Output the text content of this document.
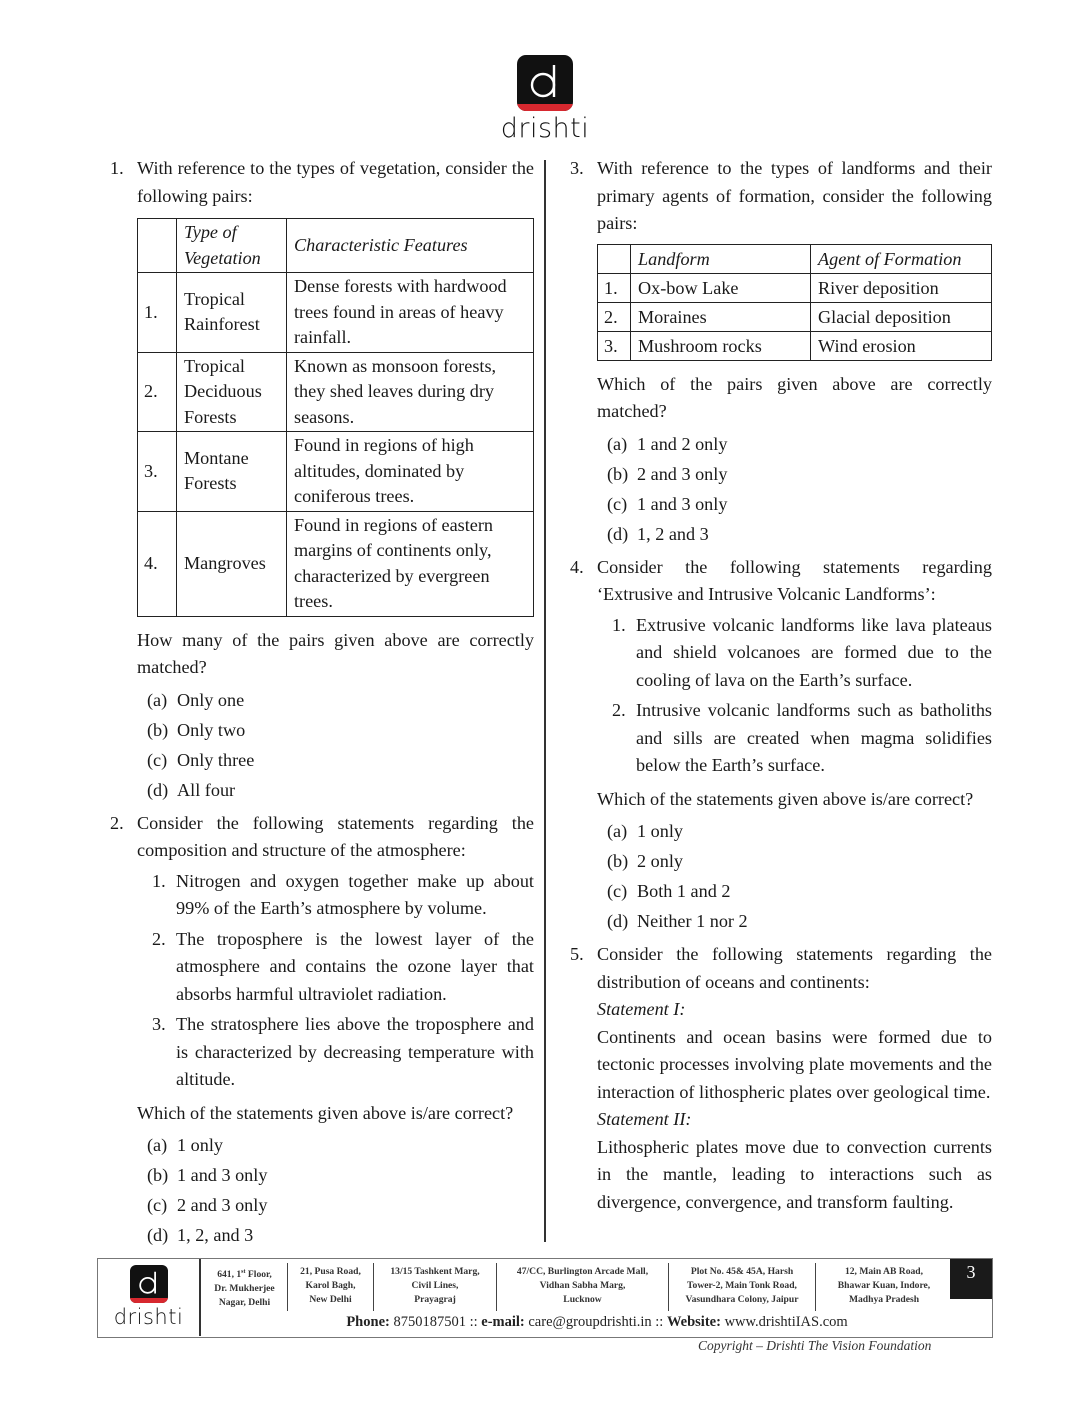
drishti
1. With reference to the types of vegetation, consider the following pairs:

	Type of Vegetation	Characteristic Features
1.	Tropical Rainforest	Dense forests with hardwood trees found in areas of heavy rainfall.
2.	Tropical Deciduous Forests	Known as monsoon forests, they shed leaves during dry seasons.
3.	Montane Forests	Found in regions of high altitudes, dominated by coniferous trees.
4.	Mangroves	Found in regions of eastern margins of continents only, characterized by evergreen trees.

How many of the pairs given above are correctly matched?

(a) Only one
(b) Only two
(c) Only three
(d) All four
2. Consider the following statements regarding the composition and structure of the atmosphere:

1. Nitrogen and oxygen together make up about 99% of the Earth’s atmosphere by volume.
2. The troposphere is the lowest layer of the atmosphere and contains the ozone layer that absorbs harmful ultraviolet radiation.
3. The stratosphere lies above the troposphere and is characterized by decreasing temperature with altitude.

Which of the statements given above is/are correct?

(a) 1 only
(b) 1 and 3 only
(c) 2 and 3 only
(d) 1, 2, and 3
3. With reference to the types of landforms and their primary agents of formation, consider the following pairs:

	Landform	Agent of Formation
1.	Ox-bow Lake	River deposition
2.	Moraines	Glacial deposition
3.	Mushroom rocks	Wind erosion

Which of the pairs given above are correctly matched?

(a) 1 and 2 only
(b) 2 and 3 only
(c) 1 and 3 only
(d) 1, 2 and 3
4. Consider the following statements regarding ‘Extrusive and Intrusive Volcanic Landforms’:

1. Extrusive volcanic landforms like lava plateaus and shield volcanoes are formed due to the cooling of lava on the Earth’s surface.
2. Intrusive volcanic landforms such as batholiths and sills are created when magma solidifies below the Earth’s surface.

Which of the statements given above is/are correct?

(a) 1 only
(b) 2 only
(c) Both 1 and 2
(d) Neither 1 nor 2
5. Consider the following statements regarding the distribution of oceans and continents:

Statement I:

Continents and ocean basins were formed due to tectonic processes involving plate movements and the interaction of lithospheric plates over geological time.

Statement II:

Lithospheric plates move due to convection currents in the mantle, leading to interactions such as divergence, convergence, and transform faulting.

drishti
641, 1st Floor,
Dr. Mukherjee
Nagar, Delhi
21, Pusa Road,
Karol Bagh,
New Delhi
13/15 Tashkent Marg,
Civil Lines,
Prayagraj
47/CC, Burlington Arcade Mall,
Vidhan Sabha Marg,
Lucknow
Plot No. 45& 45A, Harsh
Tower-2, Main Tonk Road,
Vasundhara Colony, Jaipur
12, Main AB Road,
Bhawar Kuan, Indore,
Madhya Pradesh
3
Phone: 8750187501 :: e-mail: care@groupdrishti.in :: Website: www.drishtiIAS.com
Copyright – Drishti The Vision Foundation
